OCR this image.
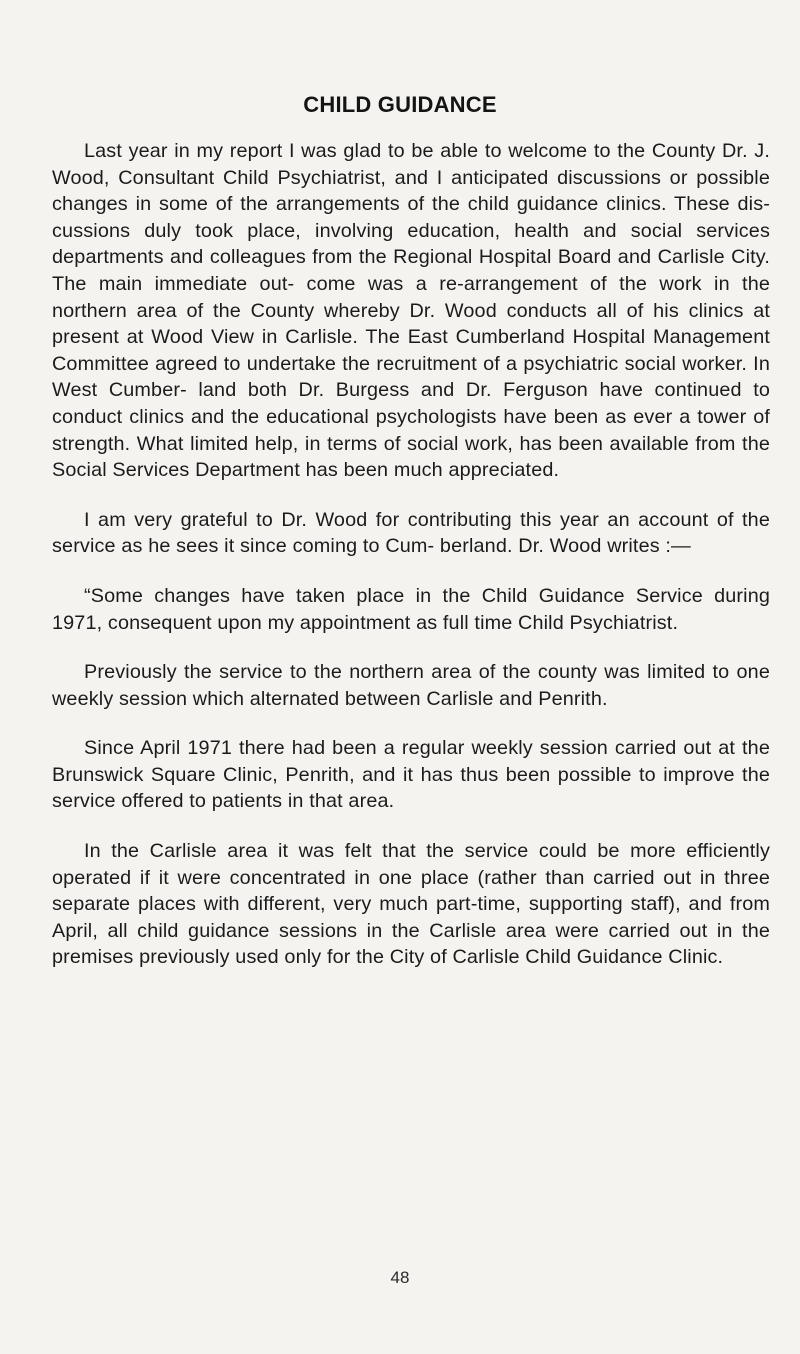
CHILD GUIDANCE

Last year in my report I was glad to be able to welcome to the County Dr. J. Wood, Consultant Child Psychiatrist, and I anticipated discussions or possible changes in some of the arrangements of the child guidance clinics. These dis- cussions duly took place, involving education, health and social services departments and colleagues from the Regional Hospital Board and Carlisle City. The main immediate out- come was a re-arrangement of the work in the northern area of the County whereby Dr. Wood conducts all of his clinics at present at Wood View in Carlisle. The East Cumberland Hospital Management Committee agreed to undertake the recruitment of a psychiatric social worker. In West Cumber- land both Dr. Burgess and Dr. Ferguson have continued to conduct clinics and the educational psychologists have been as ever a tower of strength. What limited help, in terms of social work, has been available from the Social Services Department has been much appreciated.

I am very grateful to Dr. Wood for contributing this year an account of the service as he sees it since coming to Cum- berland. Dr. Wood writes :—

“Some changes have taken place in the Child Guidance Service during 1971, consequent upon my appointment as full time Child Psychiatrist.

Previously the service to the northern area of the county was limited to one weekly session which alternated between Carlisle and Penrith.

Since April 1971 there had been a regular weekly session carried out at the Brunswick Square Clinic, Penrith, and it has thus been possible to improve the service offered to patients in that area.

In the Carlisle area it was felt that the service could be more efficiently operated if it were concentrated in one place (rather than carried out in three separate places with different, very much part-time, supporting staff), and from April, all child guidance sessions in the Carlisle area were carried out in the premises previously used only for the City of Carlisle Child Guidance Clinic.

48
